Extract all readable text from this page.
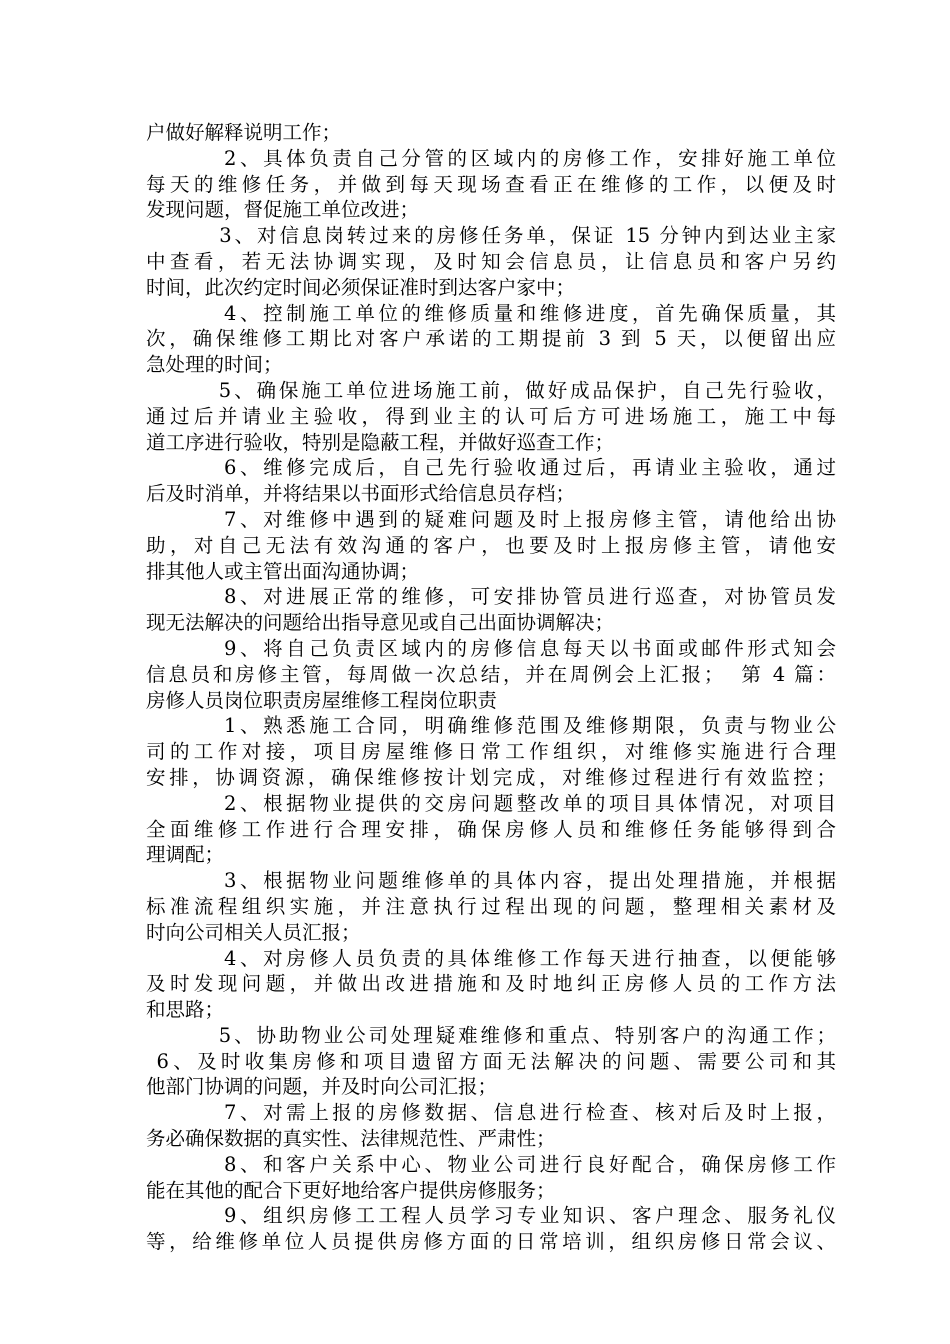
户做好解释说明工作；
2、具体负责自己分管的区域内的房修工作，安排好施工单位
每天的维修任务，并做到每天现场查看正在维修的工作，以便及时
发现问题，督促施工单位改进；
3、对信息岗转过来的房修任务单，保证 15 分钟内到达业主家
中查看，若无法协调实现，及时知会信息员，让信息员和客户另约
时间，此次约定时间必须保证准时到达客户家中；
4、控制施工单位的维修质量和维修进度，首先确保质量，其
次，确保维修工期比对客户承诺的工期提前 3 到 5 天，以便留出应
急处理的时间；
5、确保施工单位进场施工前，做好成品保护，自己先行验收，
通过后并请业主验收，得到业主的认可后方可进场施工，施工中每
道工序进行验收，特别是隐蔽工程，并做好巡查工作；
6、维修完成后，自己先行验收通过后，再请业主验收，通过
后及时消单，并将结果以书面形式给信息员存档；
7、对维修中遇到的疑难问题及时上报房修主管，请他给出协
助，对自己无法有效沟通的客户，也要及时上报房修主管，请他安
排其他人或主管出面沟通协调；
8、对进展正常的维修，可安排协管员进行巡查，对协管员发
现无法解决的问题给出指导意见或自己出面协调解决；
9、将自己负责区域内的房修信息每天以书面或邮件形式知会
信息员和房修主管，每周做一次总结，并在周例会上汇报；  第 4 篇：
房修人员岗位职责房屋维修工程岗位职责
1、熟悉施工合同，明确维修范围及维修期限，负责与物业公
司的工作对接，项目房屋维修日常工作组织，对维修实施进行合理
安排，协调资源，确保维修按计划完成，对维修过程进行有效监控；
2、根据物业提供的交房问题整改单的项目具体情况，对项目
全面维修工作进行合理安排，确保房修人员和维修任务能够得到合
理调配；
3、根据物业问题维修单的具体内容，提出处理措施，并根据
标准流程组织实施，并注意执行过程出现的问题，整理相关素材及
时向公司相关人员汇报；
4、对房修人员负责的具体维修工作每天进行抽查，以便能够
及时发现问题，并做出改进措施和及时地纠正房修人员的工作方法
和思路；
5、协助物业公司处理疑难维修和重点、特别客户的沟通工作；
6、及时收集房修和项目遗留方面无法解决的问题、需要公司和其
他部门协调的问题，并及时向公司汇报；
7、对需上报的房修数据、信息进行检查、核对后及时上报，
务必确保数据的真实性、法律规范性、严肃性；
8、和客户关系中心、物业公司进行良好配合，确保房修工作
能在其他的配合下更好地给客户提供房修服务；
9、组织房修工工程人员学习专业知识、客户理念、服务礼仪
等，给维修单位人员提供房修方面的日常培训，组织房修日常会议、
